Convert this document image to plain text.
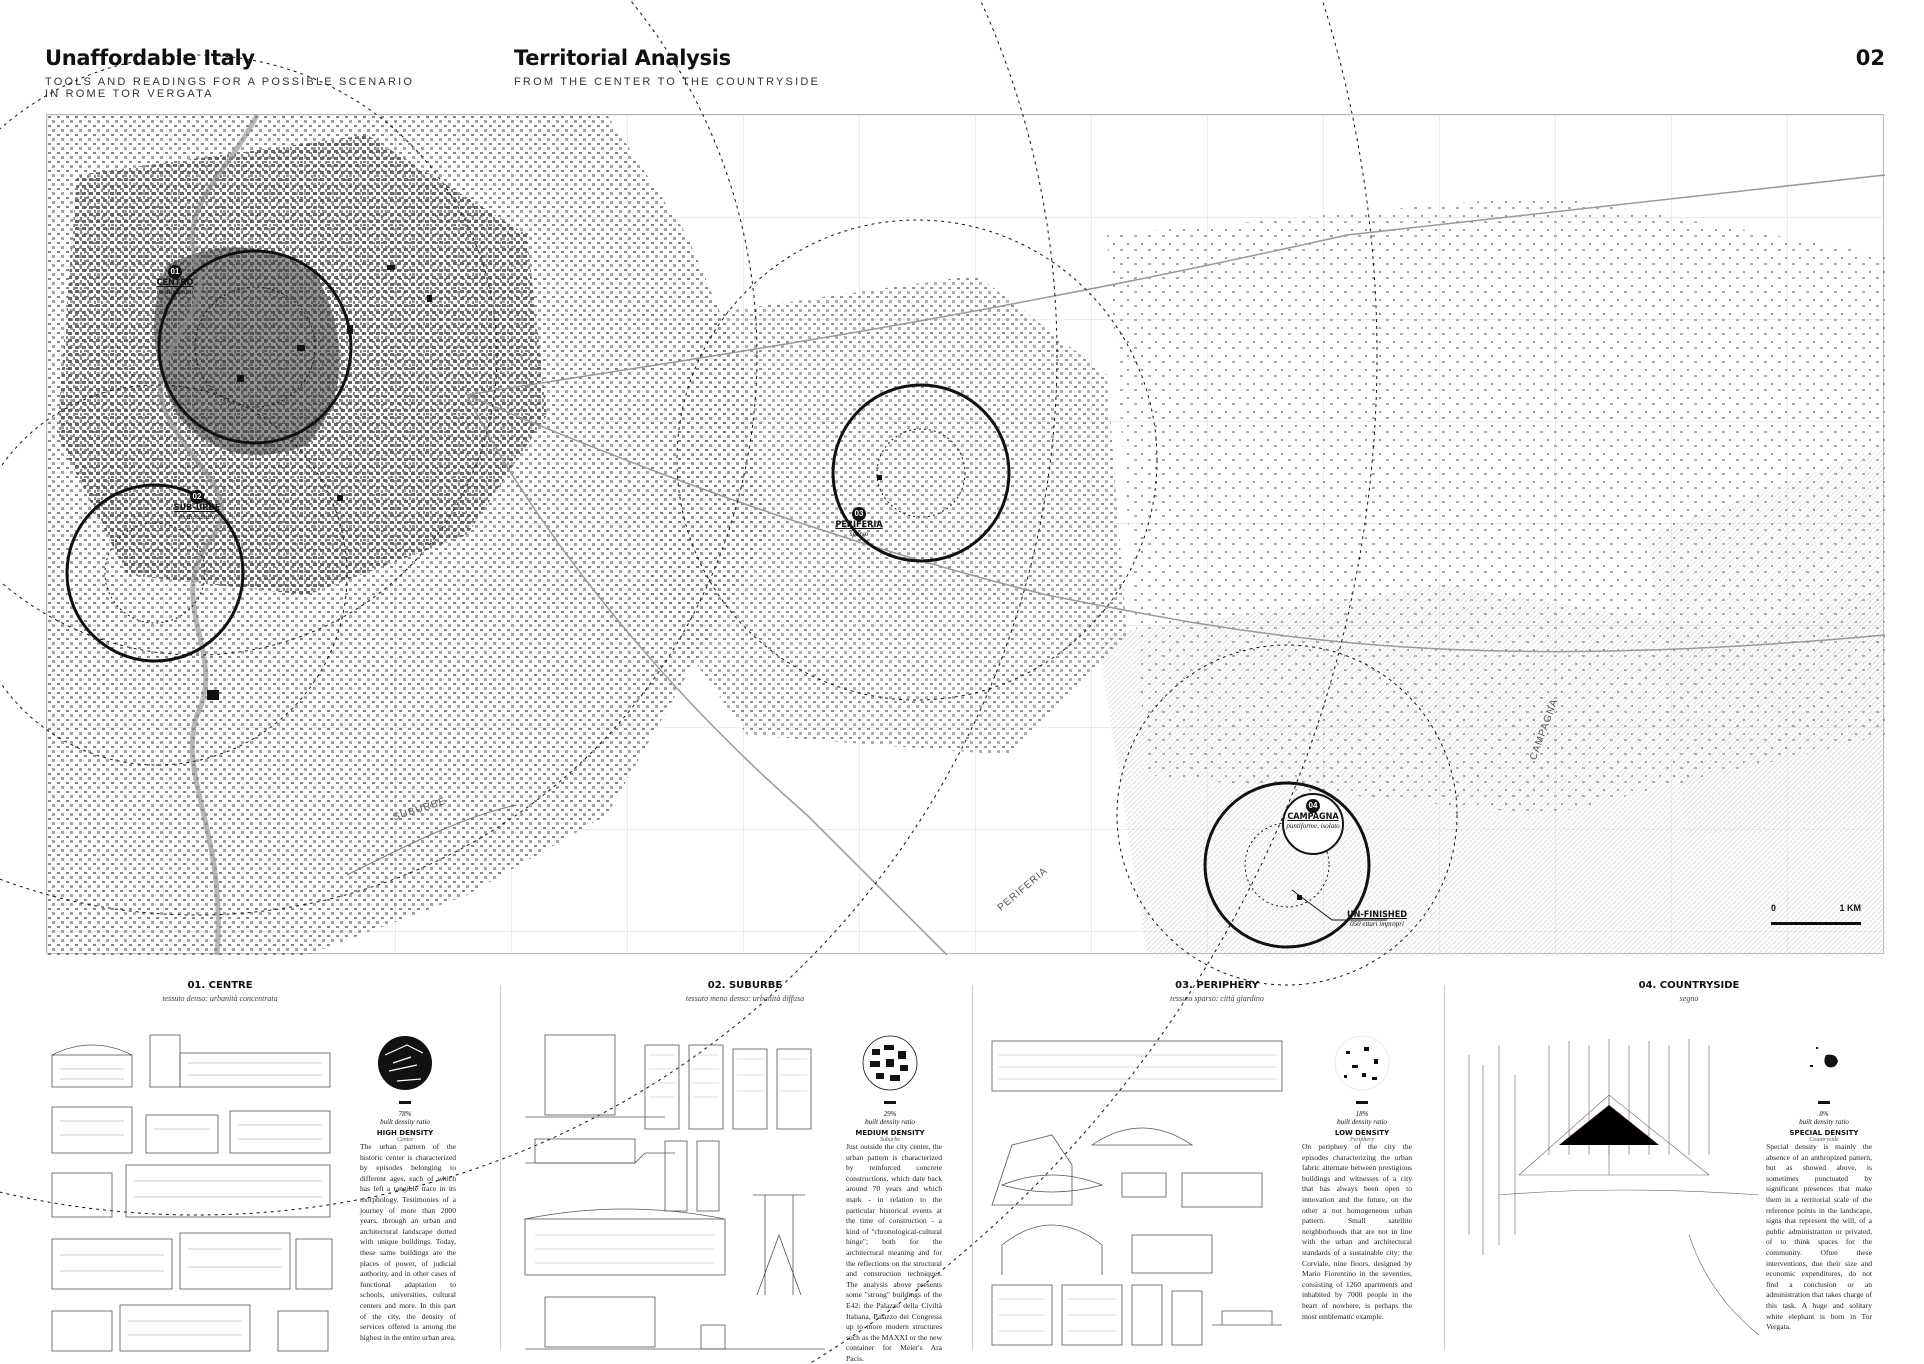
Unaffordable Italy
TOOLS AND READINGS FOR A POSSIBLE SCENARIO
IN ROME TOR VERGATA
Territorial Analysis
FROM THE CENTER TO THE COUNTRYSIDE
02
01
CENTRO
medio saturo
02
SUB-URBE
medio saturo	03
PERIFERIA
sparso
04
CAMPAGNA
puntiforme, isolato
UN-FINISHED
050 ettari impropri
SUBURBE
PERIFERIA
CAMPAGNA
0	1 KM
01. CENTRE
tessuto denso: urbanità concentrata
78%
built density ratio
HIGH DENSITY
Centre
The urban pattern of the historic center is characterized by episodes belonging to different ages, each of which has left a tangible trace in its morphology. Testimonies of a journey of more than 2000 years, through an urban and architectural landscape dotted with unique buildings. Today, these same buildings are the places of power, of judicial authority, and in other cases of functional adaptation to schools, universities, cultural centers and more. In this part of the city, the density of services offered is among the highest in the entire urban area.
02. SUBURBE
tessuto meno denso: urbanità diffusa
29%
built density ratio
MEDIUM DENSITY
Suburbe
Just outside the city center, the urban pattern is characterized by reinforced concrete constructions, which date back around 70 years and which mark - in relation to the particular historical events at the time of construction - a kind of "chronological-cultural hinge"; both for the architectural meaning and for the reflections on the structural and construction techniques. The analysis above presents some "strong" buildings of the E42: the Palazzo della Civiltà Italiana, Palazzo dei Congressi up to more modern structures such as the MAXXI or the new container for Meier's Ara Pacis.
03. PERIPHERY
tessuto sparso: città giardino
18%
built density ratio
LOW DENSITY
Periphery
On periphery of the city the episodes characterizing the urban fabric alternate between prestigious buildings and witnesses of a city that has always been open to innovation and the future, on the other a not homogeneous urban pattern. Small satellite neighborhoods that are not in line with the urban and architectural standards of a sustainable city: the Corviale, nine floors, designed by Mario Fiorentino in the seventies, consisting of 1260 apartments and inhabited by 7000 people in the heart of nowhere, is perhaps the most emblematic example.
04. COUNTRYSIDE
segno
8%
built density ratio
SPECIAL DENSITY
Countryside
Special density is mainly the absence of an anthropized pattern, but as showed above, is sometimes punctuated by significant presences that make them in a territorial scale of the reference points in the landscape, signs that represent the will, of a public administration or privated, of to think spaces for the community. Often these interventions, due their size and economic expenditures, do not find a conclusion or an administration that takes charge of this task. A huge and solitary white elephant is born in Tor Vergata.
